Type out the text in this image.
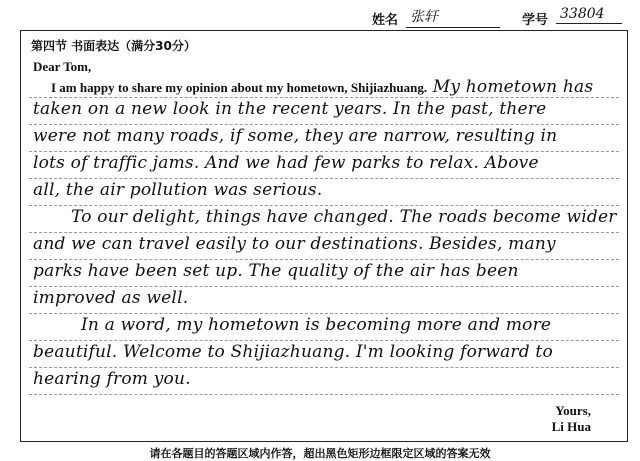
姓名 张轩	学号 33804
第四节 书面表达（满分30分）
Dear Tom,
I am happy to share my opinion about my hometown, Shijiazhuang. My hometown has
taken on a new look in the recent years. In the past, there
were not many roads, if some, they are narrow, resulting in
lots of traffic jams. And we had few parks to relax. Above
all, the air pollution was serious.
To our delight, things have changed. The roads become wider
and we can travel easily to our destinations. Besides, many
parks have been set up. The quality of the air has been
improved as well.
In a word, my hometown is becoming more and more
beautiful. Welcome to Shijiazhuang. I'm looking forward to
hearing from you.
Yours,
Li Hua
请在各题目的答题区域内作答，超出黑色矩形边框限定区域的答案无效
